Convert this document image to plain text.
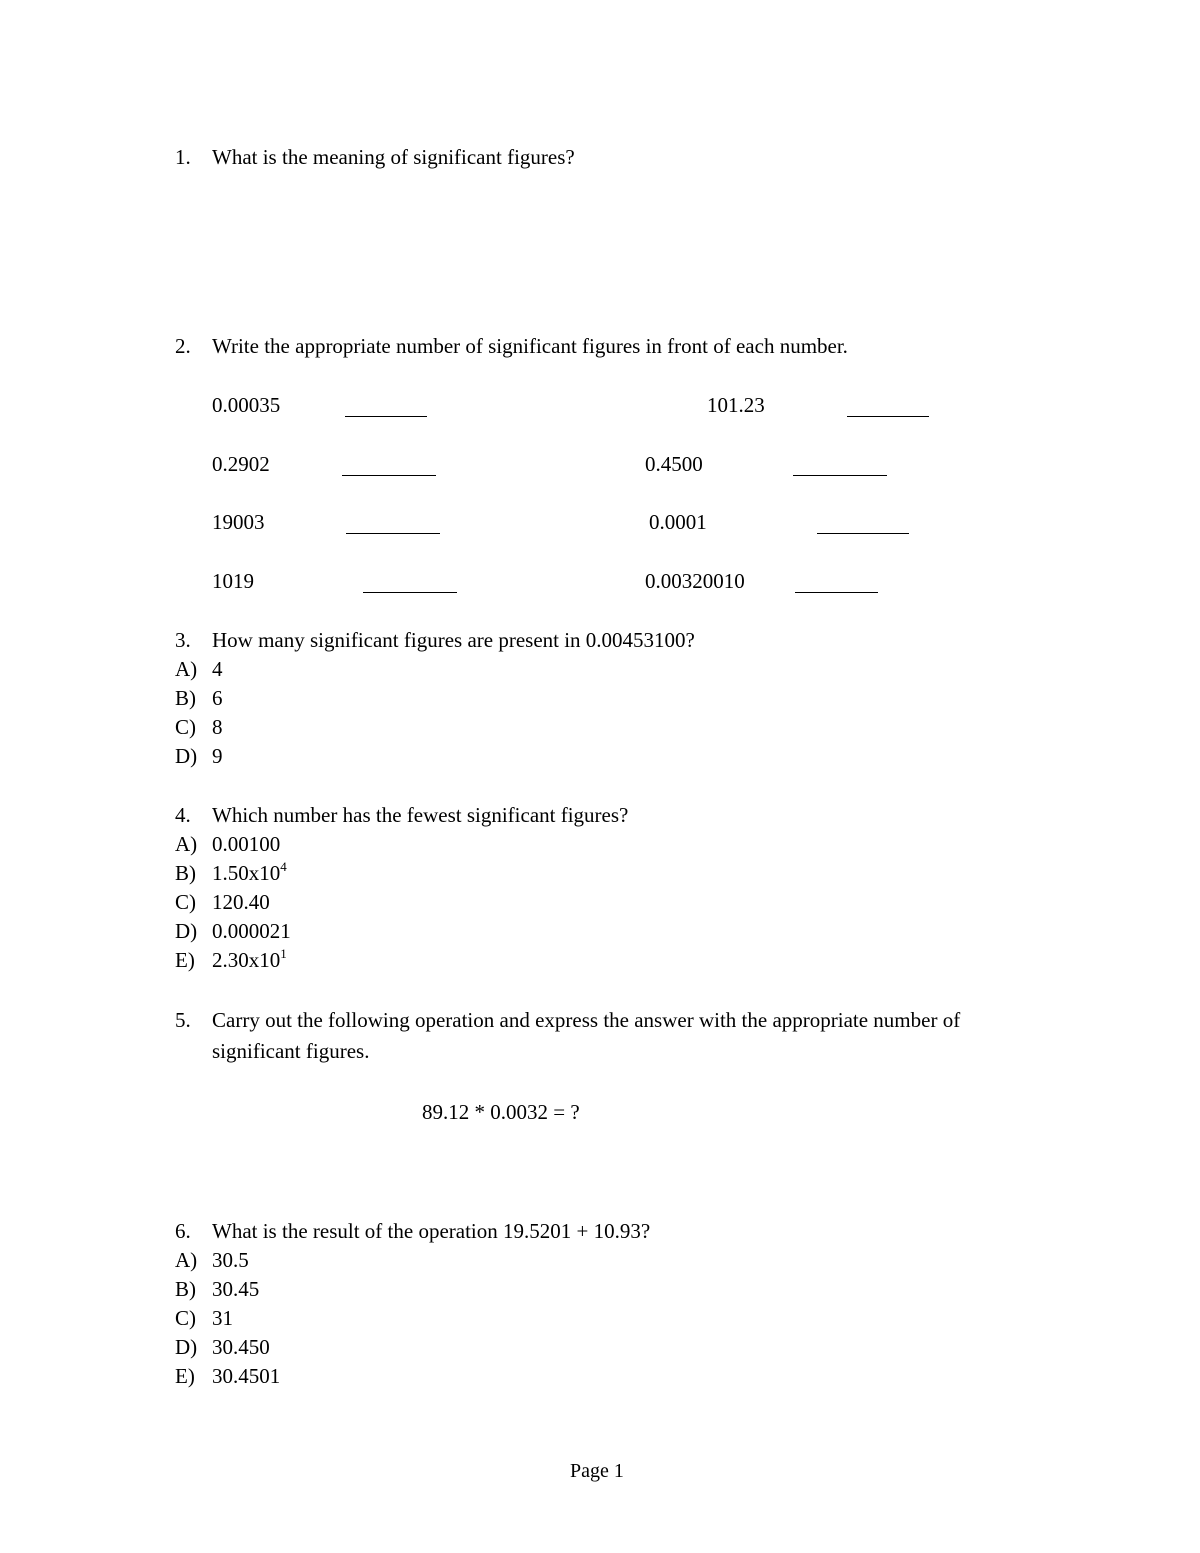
1.	What is the meaning of significant figures?
2.	Write the appropriate number of significant figures in front of each number.
0.00035	101.23
0.2902	0.4500
19003	0.0001
1019	0.00320010
3.	How many significant figures are present in 0.00453100?
A) 4
B) 6
C) 8
D) 9
4.	Which number has the fewest significant figures?
A) 0.00100
B) $1.50x10^4$
C) 120.40
D) 0.000021
E) $2.30x10^1$
5.	Carry out the following operation and express the answer with the appropriate number of
significant figures.
89.12 * 0.0032 = ?
6.	What is the result of the operation 19.5201 + 10.93?
A) 30.5
B) 30.45
C) 31
D) 30.450
E) 30.4501
Page 1
